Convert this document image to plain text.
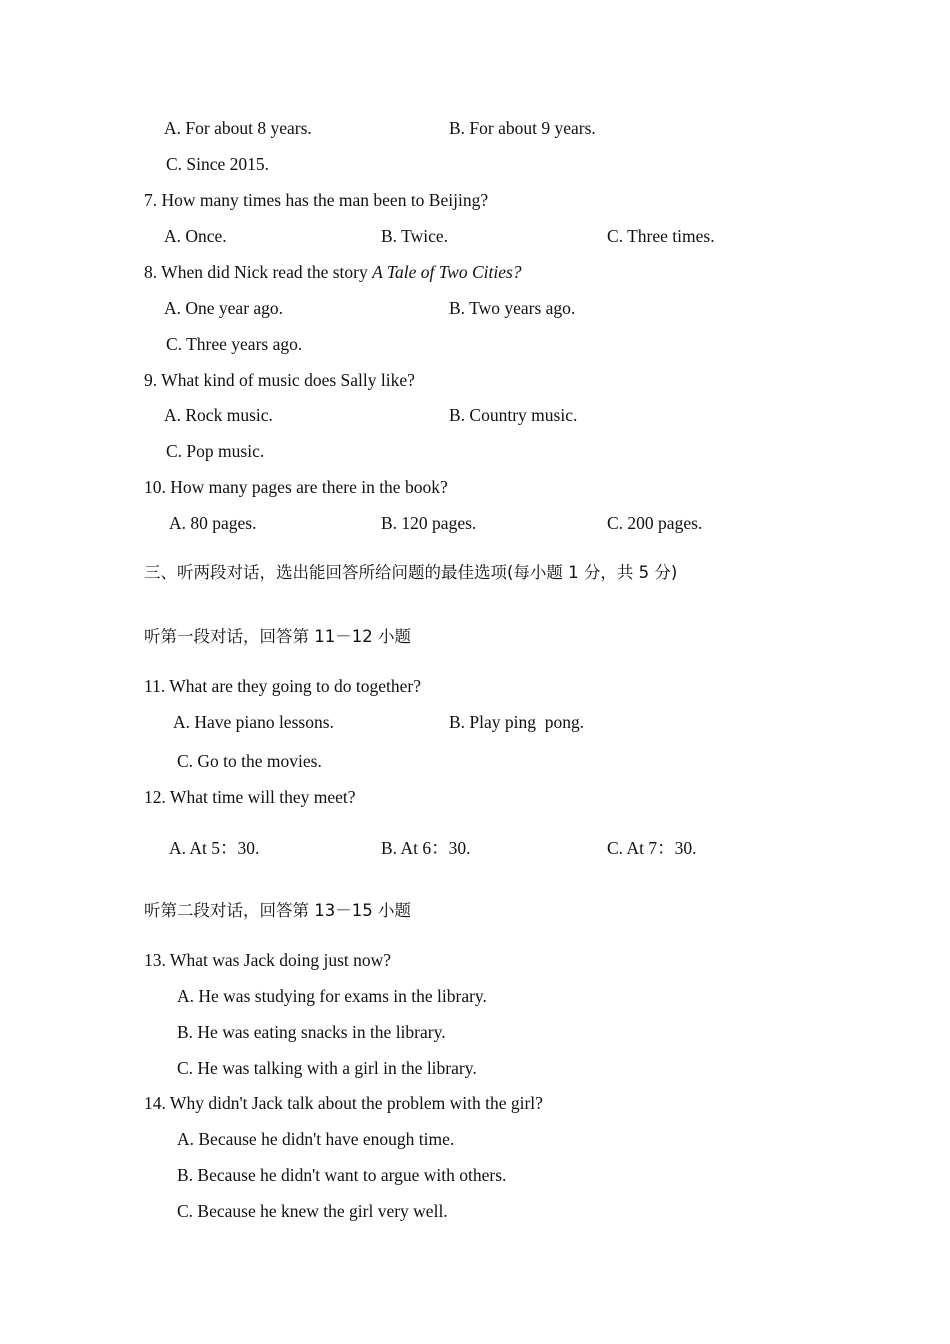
A. For about 8 years.	B. For about 9 years.
C. Since 2015.
7. How many times has the man been to Beijing?
A. Once.	B. Twice.	C. Three times.
8. When did Nick read the story A Tale of Two Cities?
A. One year ago.	B. Two years ago.
C. Three years ago.
9. What kind of music does Sally like?
A. Rock music.	B. Country music.
C. Pop music.
10. How many pages are there in the book?
A. 80 pages.	B. 120 pages.	C. 200 pages.
三、听两段对话，选出能回答所给问题的最佳选项(每小题 1 分，共 5 分)
听第一段对话，回答第 11－12 小题
11. What are they going to do together?
A. Have piano lessons.	B. Play ping  pong.
C. Go to the movies.
12. What time will they meet?
A. At 5：30.	B. At 6：30.	C. At 7：30.
听第二段对话，回答第 13－15 小题
13. What was Jack doing just now?
A. He was studying for exams in the library.
B. He was eating snacks in the library.
C. He was talking with a girl in the library.
14. Why didn't Jack talk about the problem with the girl?
A. Because he didn't have enough time.
B. Because he didn't want to argue with others.
C. Because he knew the girl very well.
